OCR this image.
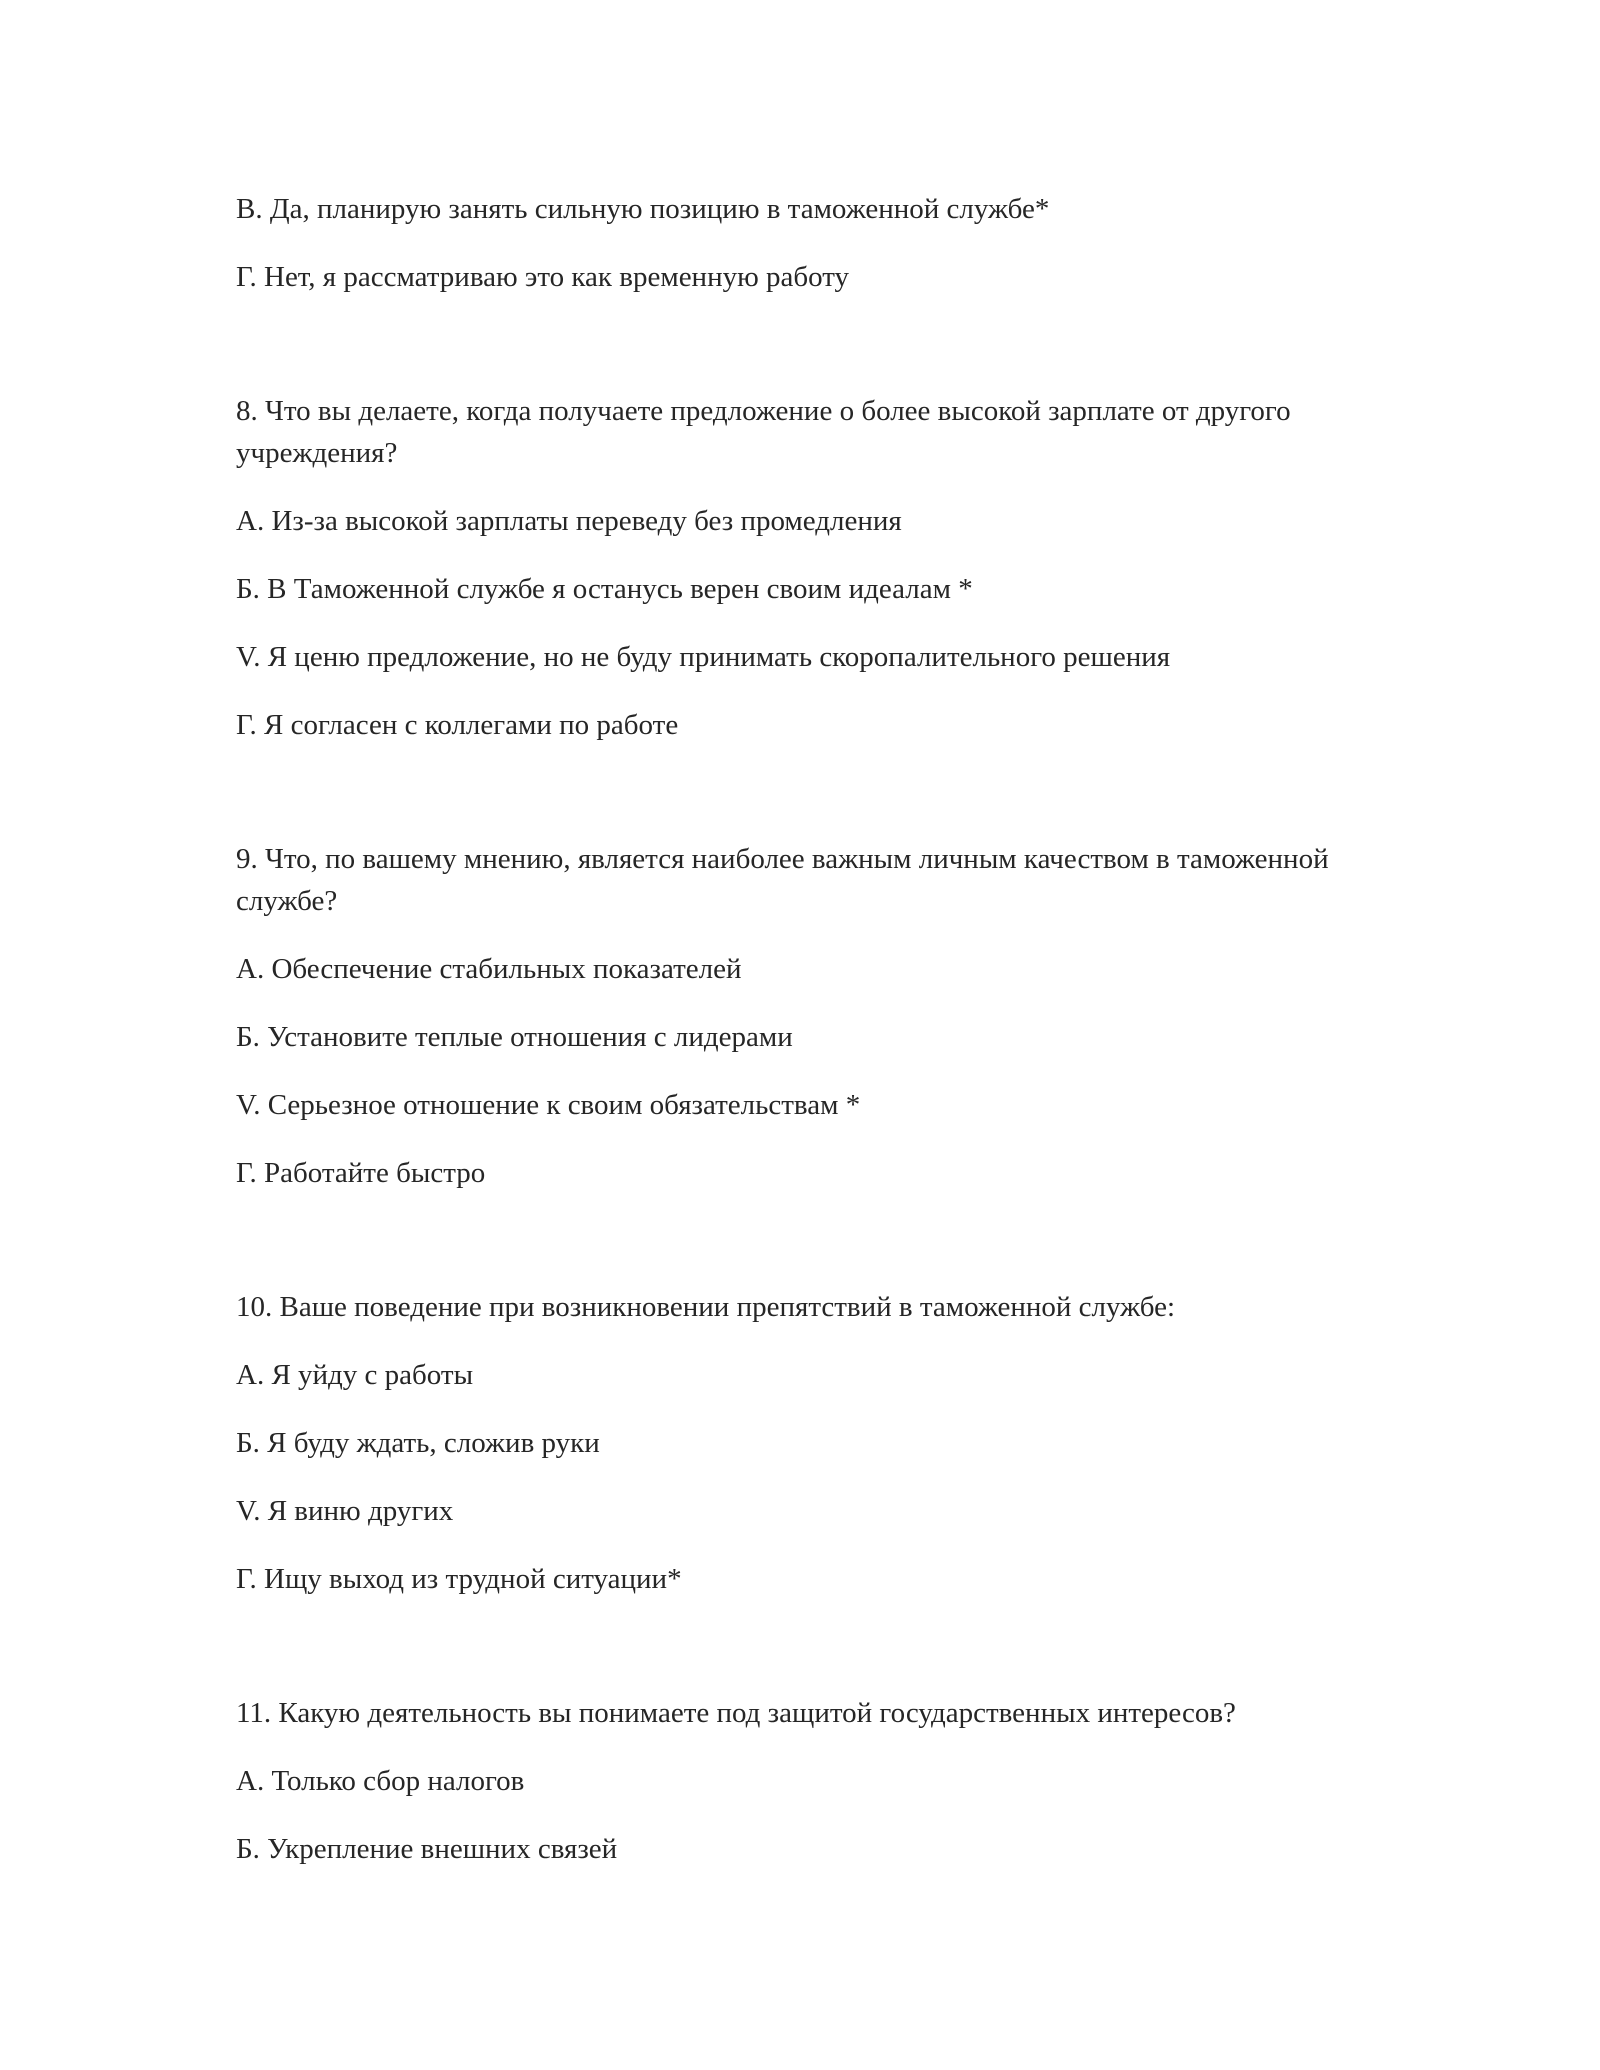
В. Да, планирую занять сильную позицию в таможенной службе*

Г. Нет, я рассматриваю это как временную работу

8. Что вы делаете, когда получаете предложение о более высокой зарплате от другого учреждения?

А. Из-за высокой зарплаты переведу без промедления

Б. В Таможенной службе я останусь верен своим идеалам *

V. Я ценю предложение, но не буду принимать скоропалительного решения

Г. Я согласен с коллегами по работе

9. Что, по вашему мнению, является наиболее важным личным качеством в таможенной службе?

А. Обеспечение стабильных показателей

Б. Установите теплые отношения с лидерами

V. Серьезное отношение к своим обязательствам *

Г. Работайте быстро

10. Ваше поведение при возникновении препятствий в таможенной службе:

А. Я уйду с работы

Б. Я буду ждать, сложив руки

V. Я виню других

Г. Ищу выход из трудной ситуации*

11. Какую деятельность вы понимаете под защитой государственных интересов?

А. Только сбор налогов

Б. Укрепление внешних связей
